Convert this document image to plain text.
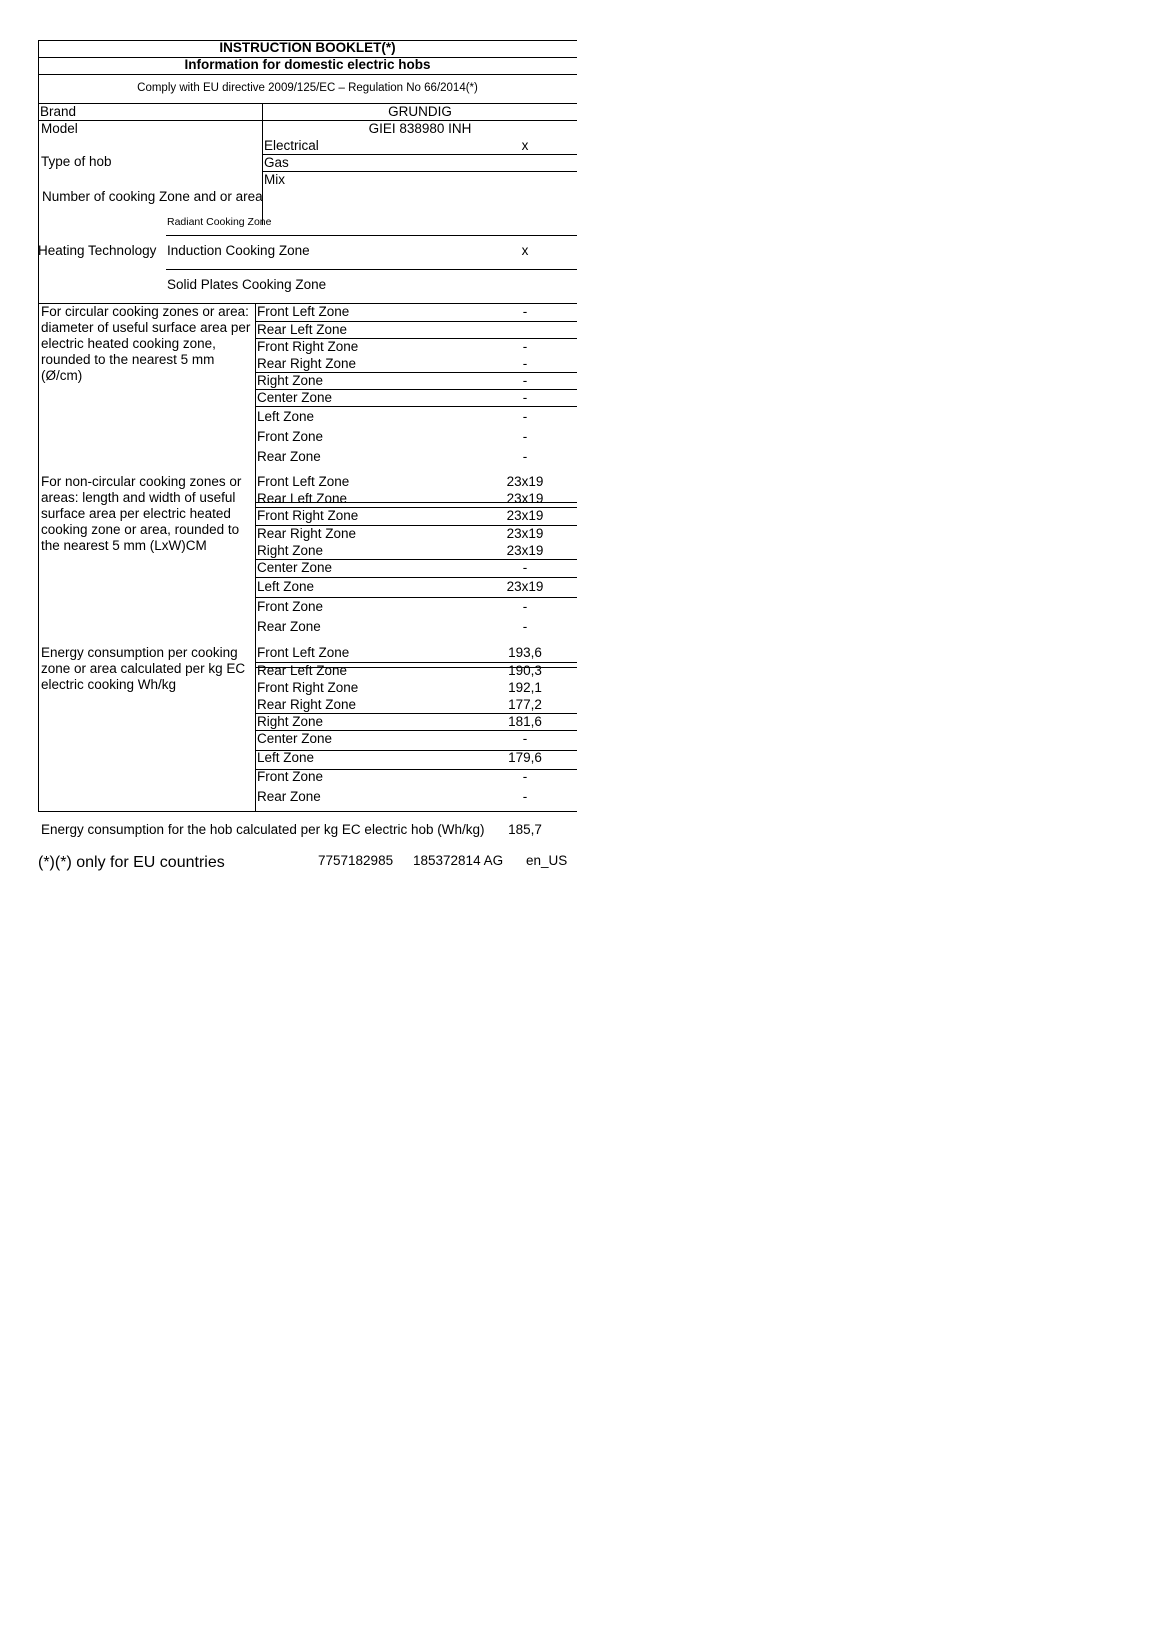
INSTRUCTION BOOKLET(*)
Information for domestic electric hobs
Comply with EU directive 2009/125/EC – Regulation No 66/2014(*)
Brand	GRUNDIG
Model	GIEI 838980 INH
Type of hob
Electrical	x
Gas
Mix
Number of cooking Zone and or area
Radiant Cooking Zone
Heating Technology Induction Cooking Zone	x
Solid Plates Cooking Zone
For circular cooking zones or area: diameter of useful surface area per electric heated cooking zone, rounded to the nearest 5 mm (Ø/cm)
For non-circular cooking zones or areas: length and width of useful surface area per electric heated cooking zone or area, rounded to the nearest 5 mm (LxW)CM
Energy consumption per cooking zone or area calculated per kg EC electric cooking Wh/kg
Front Left Zone	-
Rear Left Zone
Front Right Zone	-
Rear Right Zone	-
Right Zone	-
Center Zone	-
Left Zone	-
Front Zone	-
Rear Zone	-
Front Left Zone	23x19
Rear Left Zone	23x19
Front Right Zone	23x19
Rear Right Zone	23x19
Right Zone	23x19
Center Zone	-
Left Zone	23x19
Front Zone	-
Rear Zone	-
Front Left Zone	193,6
Rear Left Zone	190,3
Front Right Zone	192,1
Rear Right Zone	177,2
Right Zone	181,6
Center Zone	-
Left Zone	179,6
Front Zone	-
Rear Zone	-
Energy consumption for the hob calculated per kg EC electric hob (Wh/kg)	185,7
(*)(*) only for EU countries	7757182985 185372814 AG en_US
